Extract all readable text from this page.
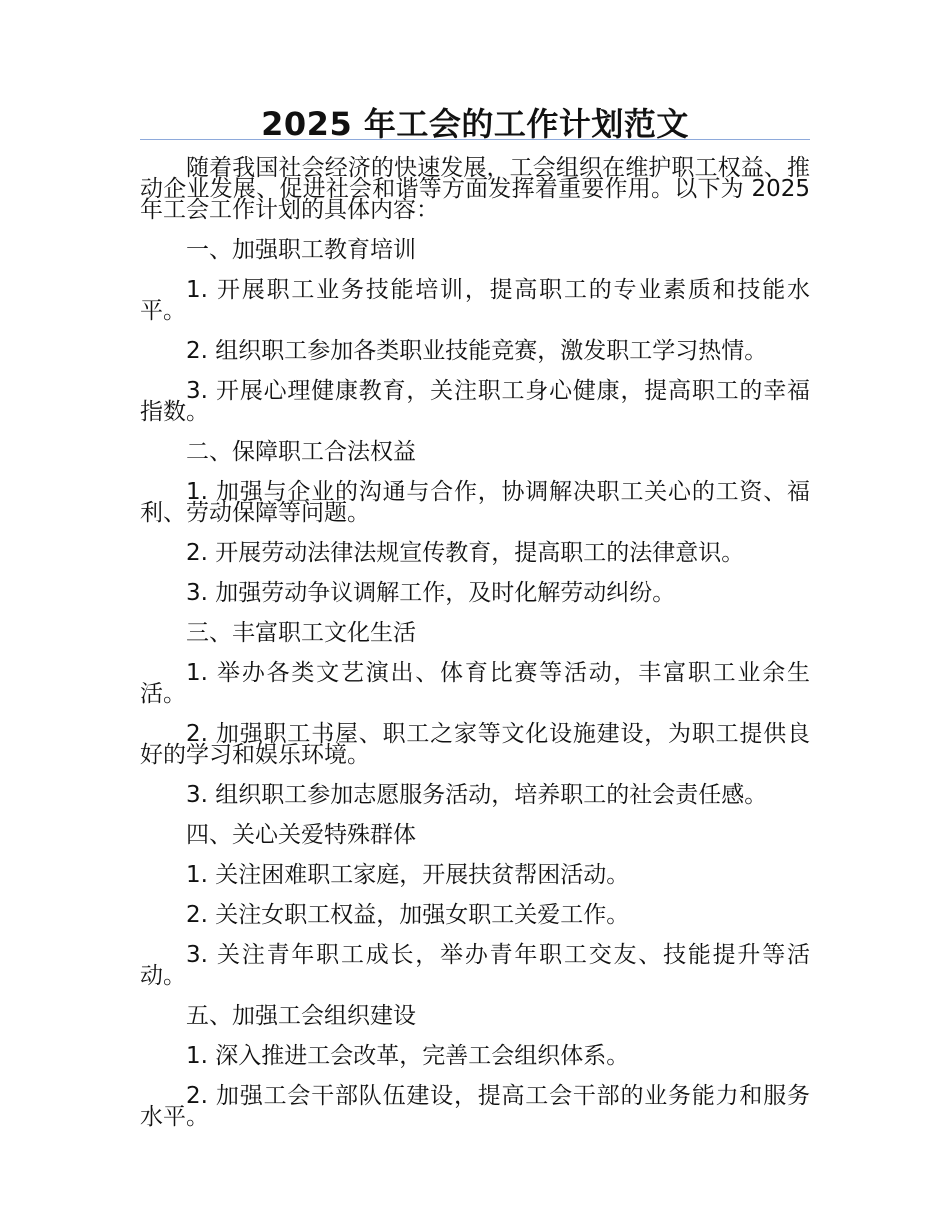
2025 年工会的工作计划范文

随着我国社会经济的快速发展，工会组织在维护职工权益、推动企业发展、促进社会和谐等方面发挥着重要作用。以下为 2025 年工会工作计划的具体内容：

一、加强职工教育培训

1. 开展职工业务技能培训，提高职工的专业素质和技能水平。

2. 组织职工参加各类职业技能竞赛，激发职工学习热情。

3. 开展心理健康教育，关注职工身心健康，提高职工的幸福指数。

二、保障职工合法权益

1. 加强与企业的沟通与合作，协调解决职工关心的工资、福利、劳动保障等问题。

2. 开展劳动法律法规宣传教育，提高职工的法律意识。

3. 加强劳动争议调解工作，及时化解劳动纠纷。

三、丰富职工文化生活

1. 举办各类文艺演出、体育比赛等活动，丰富职工业余生活。

2. 加强职工书屋、职工之家等文化设施建设，为职工提供良好的学习和娱乐环境。

3. 组织职工参加志愿服务活动，培养职工的社会责任感。

四、关心关爱特殊群体

1. 关注困难职工家庭，开展扶贫帮困活动。

2. 关注女职工权益，加强女职工关爱工作。

3. 关注青年职工成长，举办青年职工交友、技能提升等活动。

五、加强工会组织建设

1. 深入推进工会改革，完善工会组织体系。

2. 加强工会干部队伍建设，提高工会干部的业务能力和服务水平。
